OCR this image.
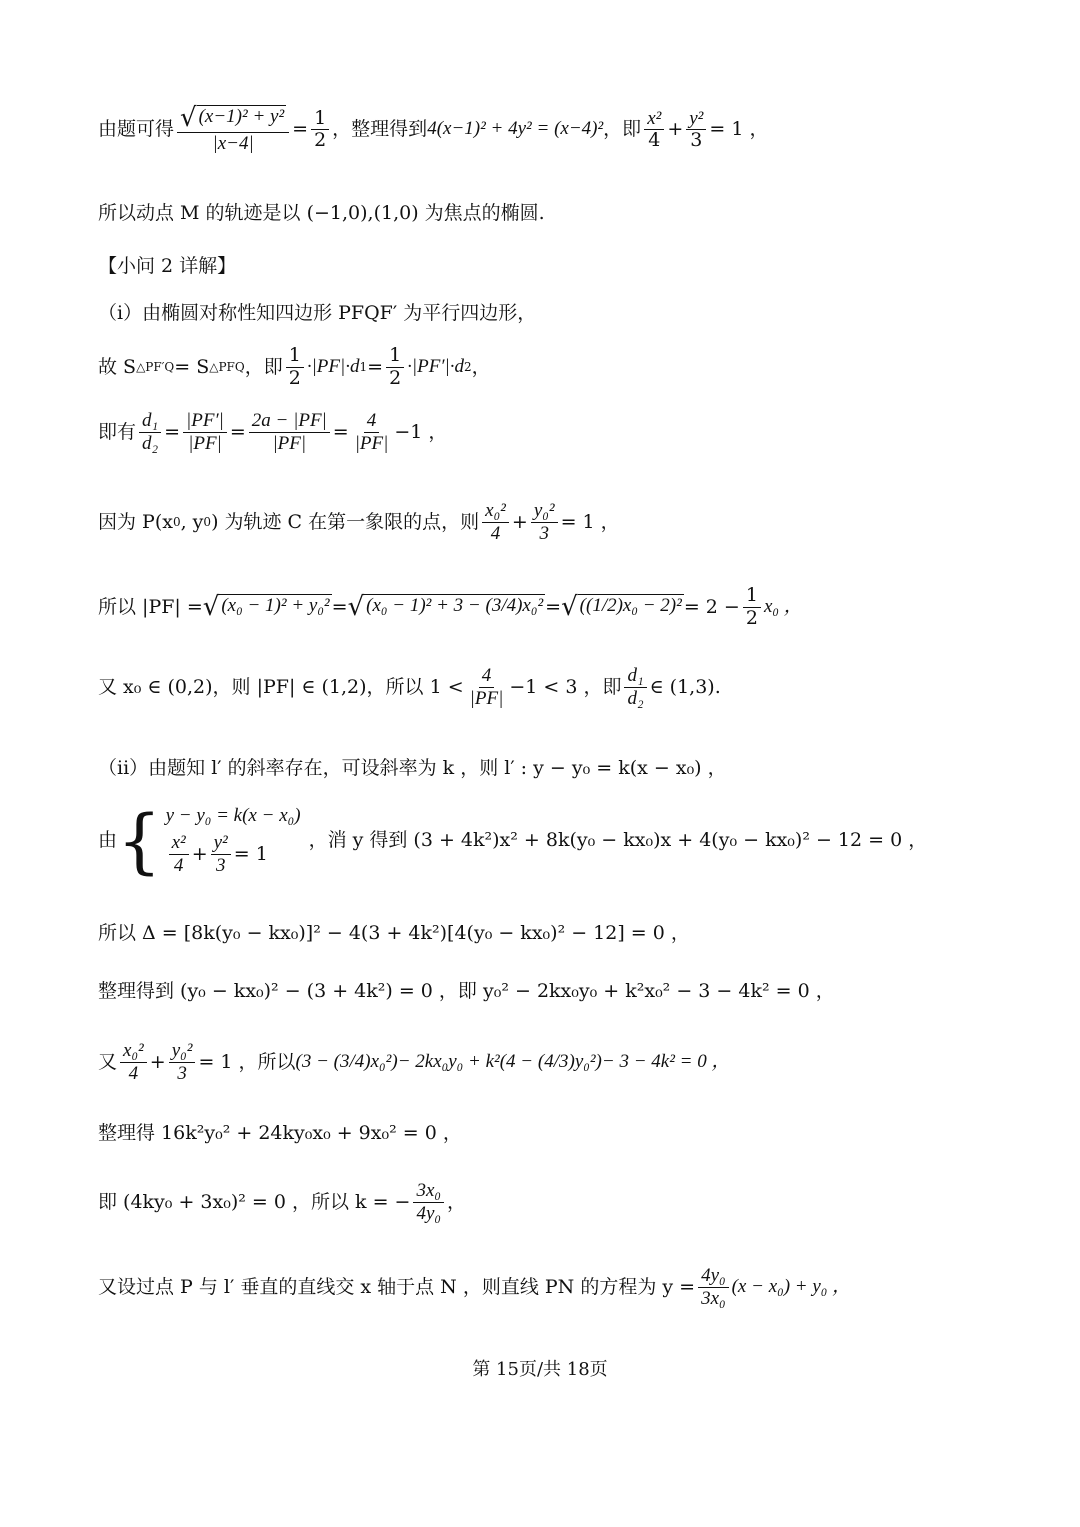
由题可得 $\frac{\text{√ (x−1)² + y²}}{|x-4|} = \frac{1}{2}$ ，整理得到 4(x−1)² + 4y² = (x−4)² ，即 $\frac{\text{x²}}{4} + \frac{\text{y²}}{3} = 1$ ，
所以动点 M 的轨迹是以 (−1,0),(1,0) 为焦点的椭圆.
【小问 2 详解】
（i）由椭圆对称性知四边形 PFQF′ 为平行四边形，
故 S △PF′Q = S △PFQ ，即 $\frac{1}{2} \cdot|PF|\cdot d$ $1 = \frac{1}{2} \cdot|PF'|\cdot d$ 2 ，
即有 $\frac{\text{d₁}}{\text{d₂}} = \frac{|PF'|}{|PF|} = \frac{2a - |PF|}{|PF|} = \frac{4}{|PF|} -1$ ，
因为 P(x 0 , y 0 ) 为轨迹 C 在第一象限的点，则 $\frac{\text{x₀²}}{4} + \frac{\text{y₀²}}{3} = 1$ ，
所以 |PF| = √ (x₀ − 1)² + y₀² = √ (x₀ − 1)² + 3 − (3/4)x₀² = √ $((1/2)x_0 - 2)^2 = 2 - \frac{1}{2} x_0$ ，
又 x₀ ∈ (0,2)，则 |PF| ∈ (1,2)，所以 $1 < \frac{4}{|PF|} -1 < 3$ ，即 $\frac{\text{d₁}}{\text{d₂}}$ ∈ (1,3).
（ii）由题知 l′ 的斜率存在，可设斜率为 k ，则 l′ : y − y₀ = k(x − x₀) ，
由 { y − y₀ = k(x − x₀)
$\frac{\text{x²}}{4} + \frac{\text{y²}}{3} = 1$
，消 y 得到 (3 + 4k²)x² + 8k(y₀ − kx₀)x + 4(y₀ − kx₀)² − 12 = 0 ，
所以 Δ = [8k(y₀ − kx₀)]² − 4(3 + 4k²)[4(y₀ − kx₀)² − 12] = 0 ，
整理得到 (y₀ − kx₀)² − (3 + 4k²) = 0 ，即 y₀² − 2kx₀y₀ + k²x₀² − 3 − 4k² = 0 ，
又 $\frac{\text{x₀²}}{4} + \frac{\text{y₀²}}{3} = 1$ ，所以 (3 − (3/4)x₀²) − 2kx₀y₀ + k² (4 − (4/3)y₀²) − 3 − 4k² = 0 ，
整理得 16k²y₀² + 24ky₀x₀ + 9x₀² = 0 ，
即 (4ky₀ + 3x₀)² = 0 ，所以 k = − $\frac{\text{3x₀}}{\text{4y₀}}$ ，
又设过点 P 与 l′ 垂直的直线交 x 轴于点 N ，则直线 PN 的方程为 $y = \frac{\text{4y₀}}{\text{3x₀}} (x - x_0) + y_0$ ，
第 15页/共 18页
